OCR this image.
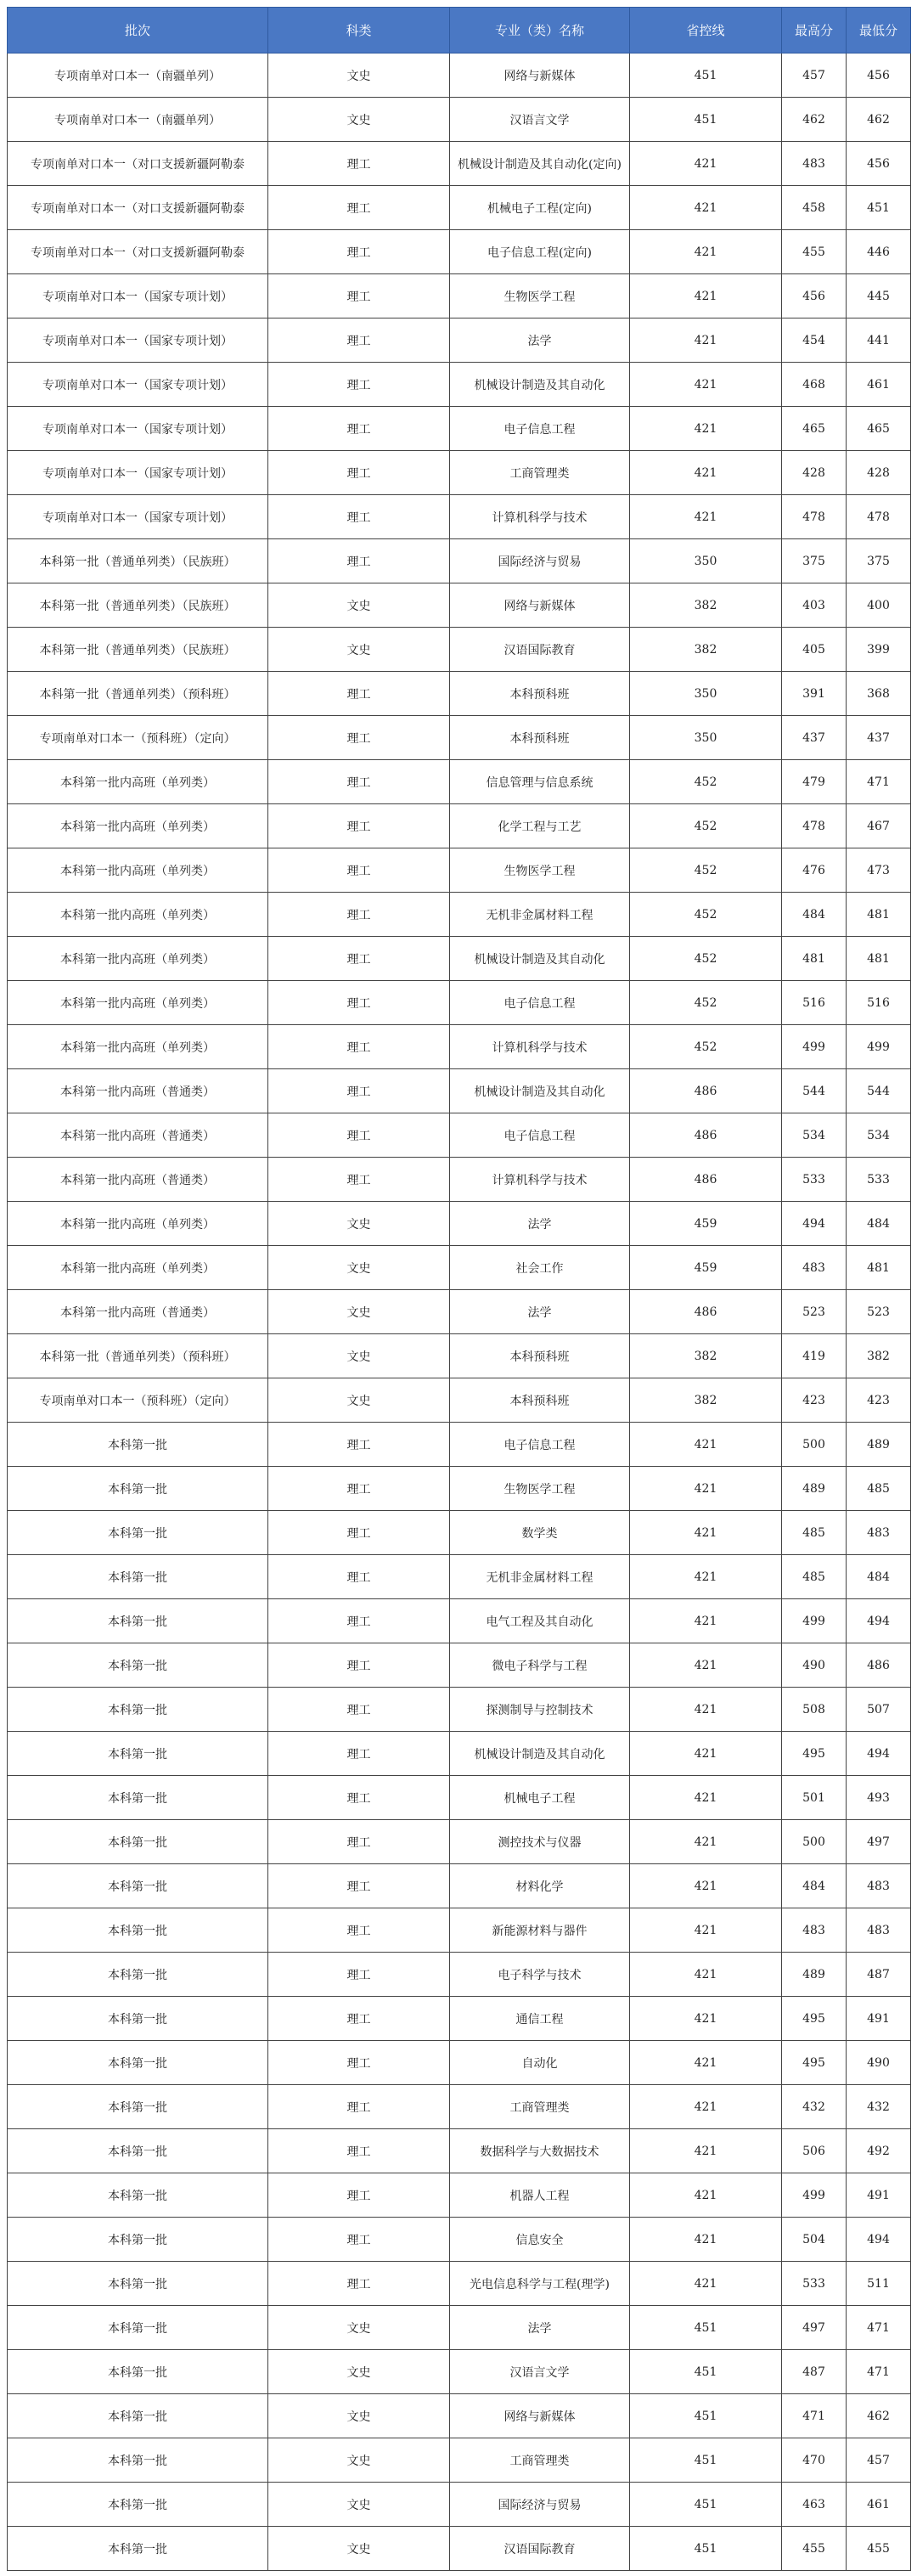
批次	科类	专业（类）名称	省控线	最高分	最低分
专项南单对口本一（南疆单列）	文史	网络与新媒体	451	457	456
专项南单对口本一（南疆单列）	文史	汉语言文学	451	462	462
专项南单对口本一（对口支援新疆阿勒泰	理工	机械设计制造及其自动化(定向)	421	483	456
专项南单对口本一（对口支援新疆阿勒泰	理工	机械电子工程(定向)	421	458	451
专项南单对口本一（对口支援新疆阿勒泰	理工	电子信息工程(定向)	421	455	446
专项南单对口本一（国家专项计划）	理工	生物医学工程	421	456	445
专项南单对口本一（国家专项计划）	理工	法学	421	454	441
专项南单对口本一（国家专项计划）	理工	机械设计制造及其自动化	421	468	461
专项南单对口本一（国家专项计划）	理工	电子信息工程	421	465	465
专项南单对口本一（国家专项计划）	理工	工商管理类	421	428	428
专项南单对口本一（国家专项计划）	理工	计算机科学与技术	421	478	478
本科第一批（普通单列类）（民族班）	理工	国际经济与贸易	350	375	375
本科第一批（普通单列类）（民族班）	文史	网络与新媒体	382	403	400
本科第一批（普通单列类）（民族班）	文史	汉语国际教育	382	405	399
本科第一批（普通单列类）（预科班）	理工	本科预科班	350	391	368
专项南单对口本一（预科班）（定向）	理工	本科预科班	350	437	437
本科第一批内高班（单列类）	理工	信息管理与信息系统	452	479	471
本科第一批内高班（单列类）	理工	化学工程与工艺	452	478	467
本科第一批内高班（单列类）	理工	生物医学工程	452	476	473
本科第一批内高班（单列类）	理工	无机非金属材料工程	452	484	481
本科第一批内高班（单列类）	理工	机械设计制造及其自动化	452	481	481
本科第一批内高班（单列类）	理工	电子信息工程	452	516	516
本科第一批内高班（单列类）	理工	计算机科学与技术	452	499	499
本科第一批内高班（普通类）	理工	机械设计制造及其自动化	486	544	544
本科第一批内高班（普通类）	理工	电子信息工程	486	534	534
本科第一批内高班（普通类）	理工	计算机科学与技术	486	533	533
本科第一批内高班（单列类）	文史	法学	459	494	484
本科第一批内高班（单列类）	文史	社会工作	459	483	481
本科第一批内高班（普通类）	文史	法学	486	523	523
本科第一批（普通单列类）（预科班）	文史	本科预科班	382	419	382
专项南单对口本一（预科班）（定向）	文史	本科预科班	382	423	423
本科第一批	理工	电子信息工程	421	500	489
本科第一批	理工	生物医学工程	421	489	485
本科第一批	理工	数学类	421	485	483
本科第一批	理工	无机非金属材料工程	421	485	484
本科第一批	理工	电气工程及其自动化	421	499	494
本科第一批	理工	微电子科学与工程	421	490	486
本科第一批	理工	探测制导与控制技术	421	508	507
本科第一批	理工	机械设计制造及其自动化	421	495	494
本科第一批	理工	机械电子工程	421	501	493
本科第一批	理工	测控技术与仪器	421	500	497
本科第一批	理工	材料化学	421	484	483
本科第一批	理工	新能源材料与器件	421	483	483
本科第一批	理工	电子科学与技术	421	489	487
本科第一批	理工	通信工程	421	495	491
本科第一批	理工	自动化	421	495	490
本科第一批	理工	工商管理类	421	432	432
本科第一批	理工	数据科学与大数据技术	421	506	492
本科第一批	理工	机器人工程	421	499	491
本科第一批	理工	信息安全	421	504	494
本科第一批	理工	光电信息科学与工程(理学)	421	533	511
本科第一批	文史	法学	451	497	471
本科第一批	文史	汉语言文学	451	487	471
本科第一批	文史	网络与新媒体	451	471	462
本科第一批	文史	工商管理类	451	470	457
本科第一批	文史	国际经济与贸易	451	463	461
本科第一批	文史	汉语国际教育	451	455	455
